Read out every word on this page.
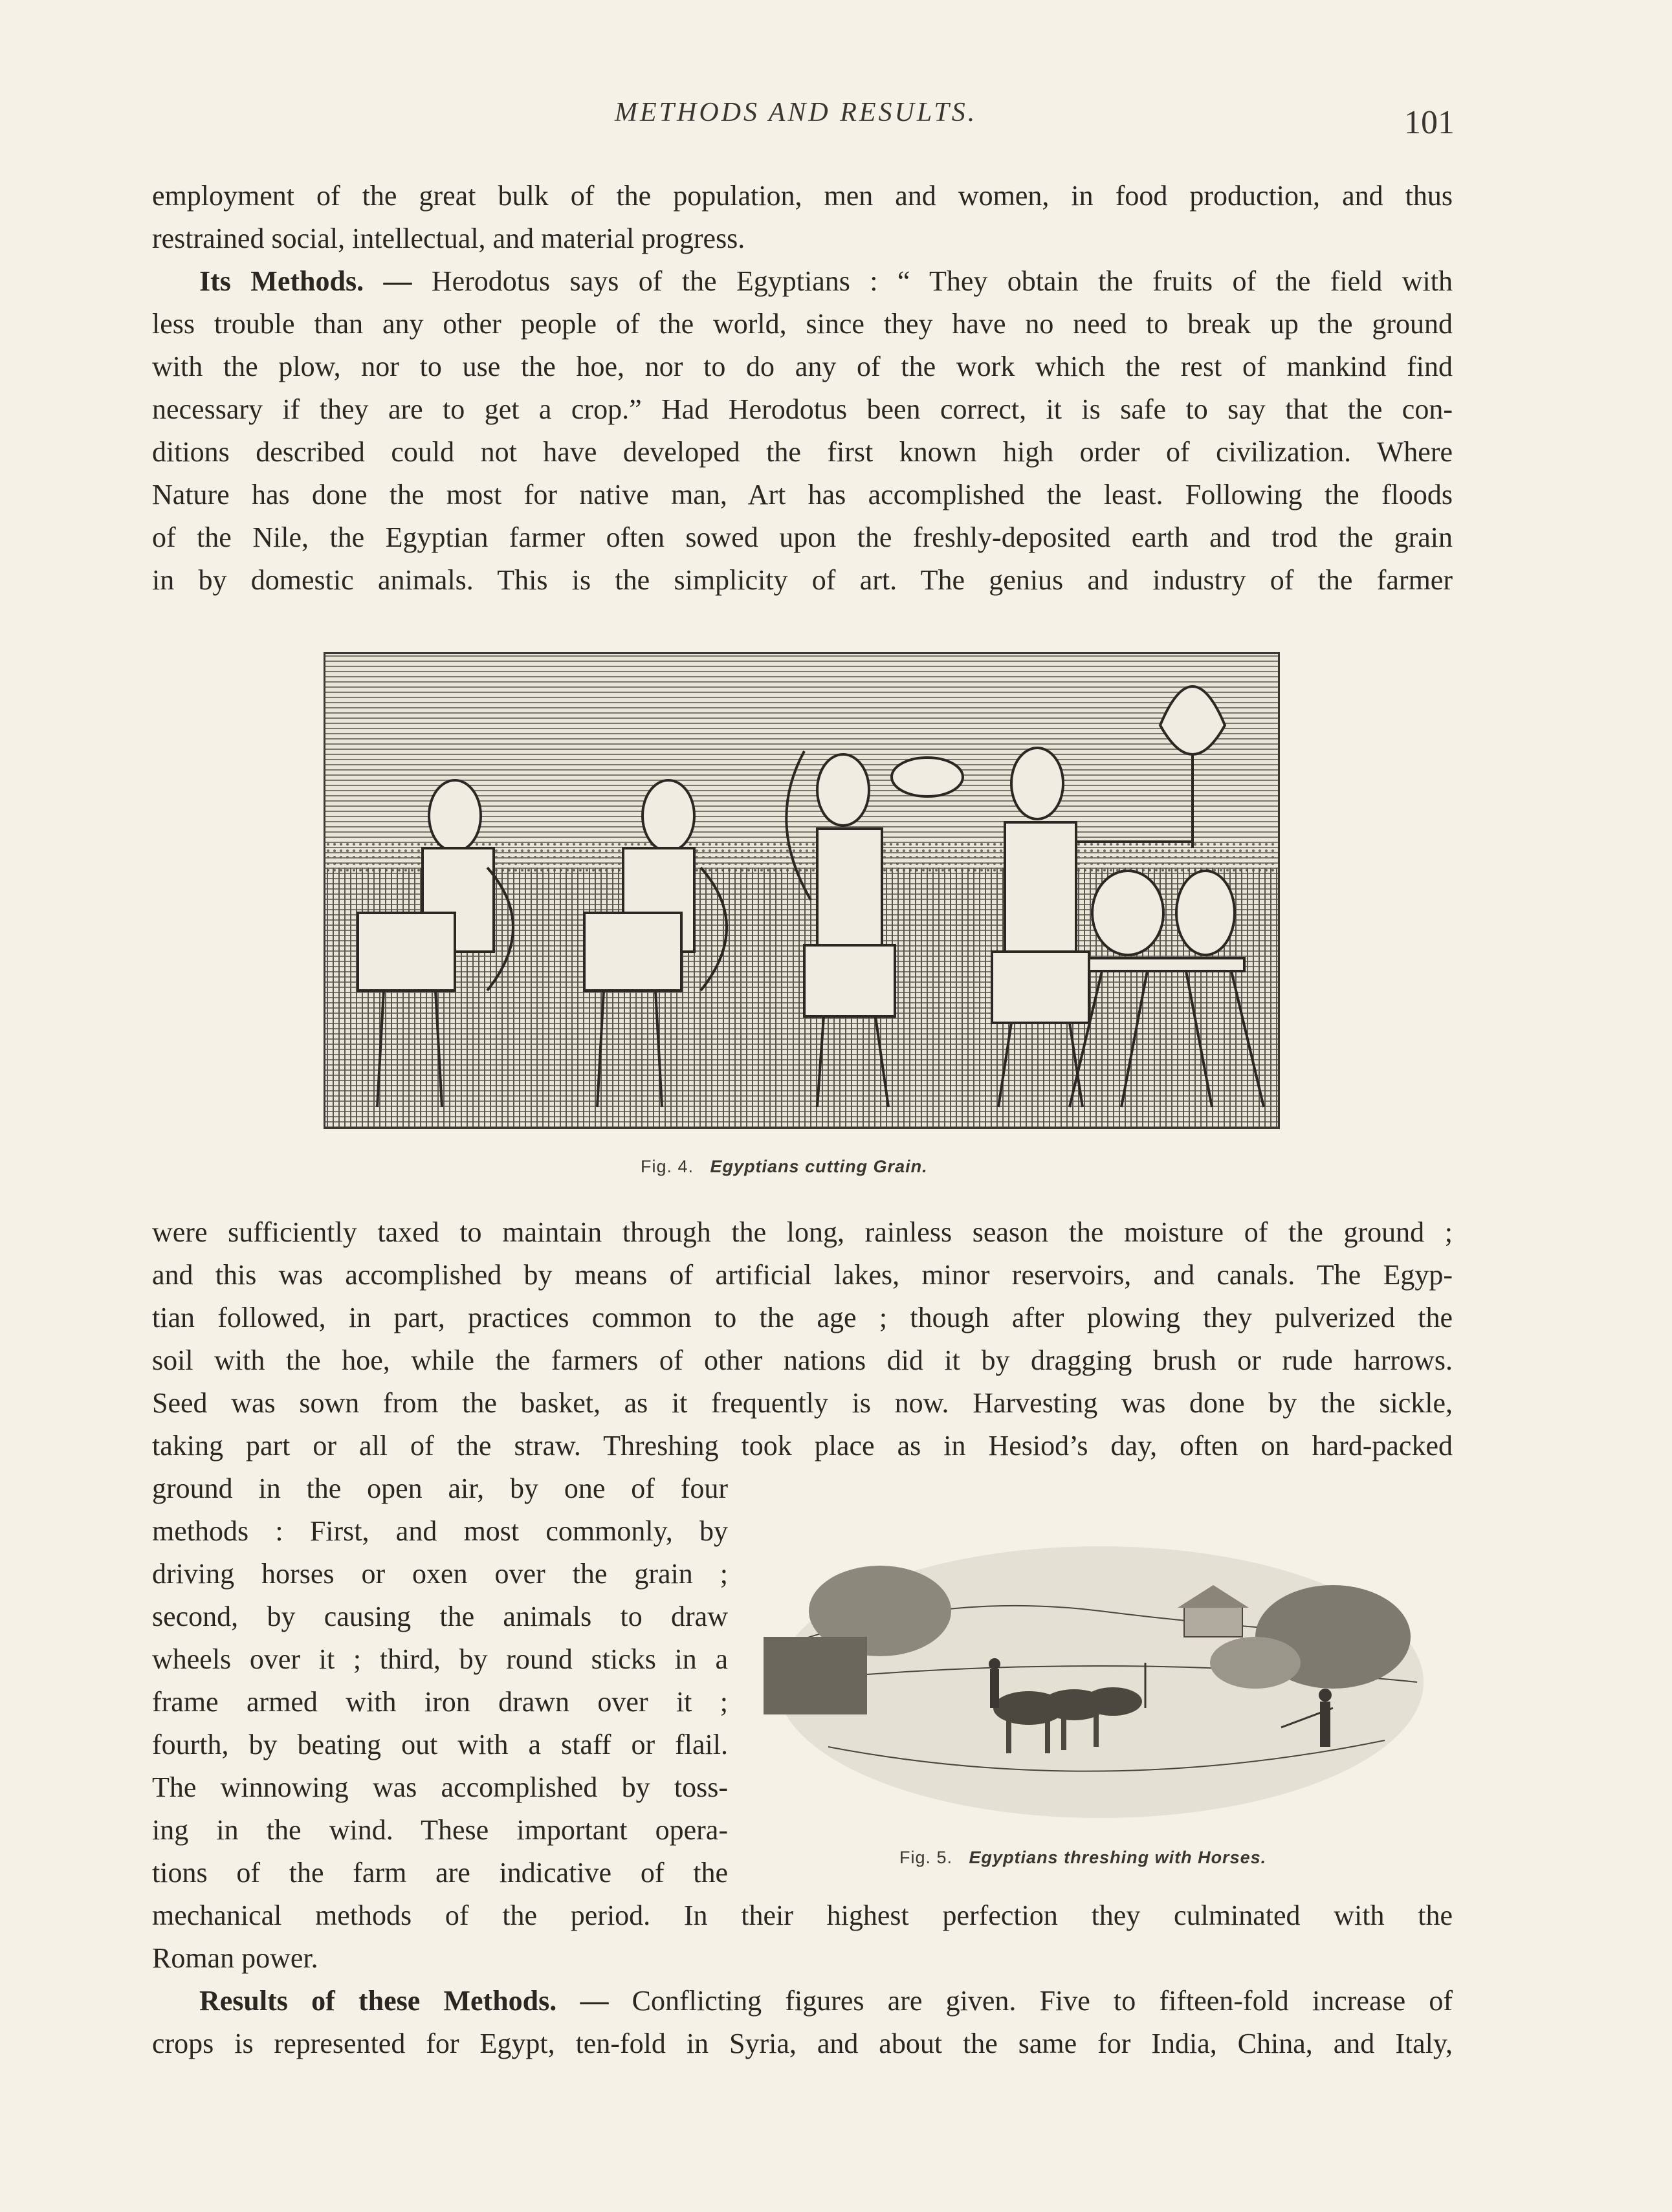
METHODS AND RESULTS.	101
employment of the great bulk of the population, men and women, in food production, and thus
restrained social, intellectual, and material progress.
Its Methods. — Herodotus says of the Egyptians : “ They obtain the fruits of the field with
less trouble than any other people of the world, since they have no need to break up the ground
with the plow, nor to use the hoe, nor to do any of the work which the rest of mankind find
necessary if they are to get a crop.” Had Herodotus been correct, it is safe to say that the con-
ditions described could not have developed the first known high order of civilization. Where
Nature has done the most for native man, Art has accomplished the least. Following the floods
of the Nile, the Egyptian farmer often sowed upon the freshly-deposited earth and trod the grain
in by domestic animals. This is the simplicity of art. The genius and industry of the farmer
Fig. 4. Egyptians cutting Grain.
were sufficiently taxed to maintain through the long, rainless season the moisture of the ground ;
and this was accomplished by means of artificial lakes, minor reservoirs, and canals. The Egyp-
tian followed, in part, practices common to the age ; though after plowing they pulverized the
soil with the hoe, while the farmers of other nations did it by dragging brush or rude harrows.
Seed was sown from the basket, as it frequently is now. Harvesting was done by the sickle,
taking part or all of the straw. Threshing took place as in Hesiod’s day, often on hard-packed
ground in the open air, by one of four
methods : First, and most commonly, by
driving horses or oxen over the grain ;
second, by causing the animals to draw
wheels over it ; third, by round sticks in a
frame armed with iron drawn over it ;
fourth, by beating out with a staff or flail.
The winnowing was accomplished by toss-
ing in the wind. These important opera-
tions of the farm are indicative of the	Fig. 5. Egyptians threshing with Horses.
mechanical methods of the period. In their highest perfection they culminated with the
Roman power.
Results of these Methods. — Conflicting figures are given. Five to fifteen-fold increase of
crops is represented for Egypt, ten-fold in Syria, and about the same for India, China, and Italy,
